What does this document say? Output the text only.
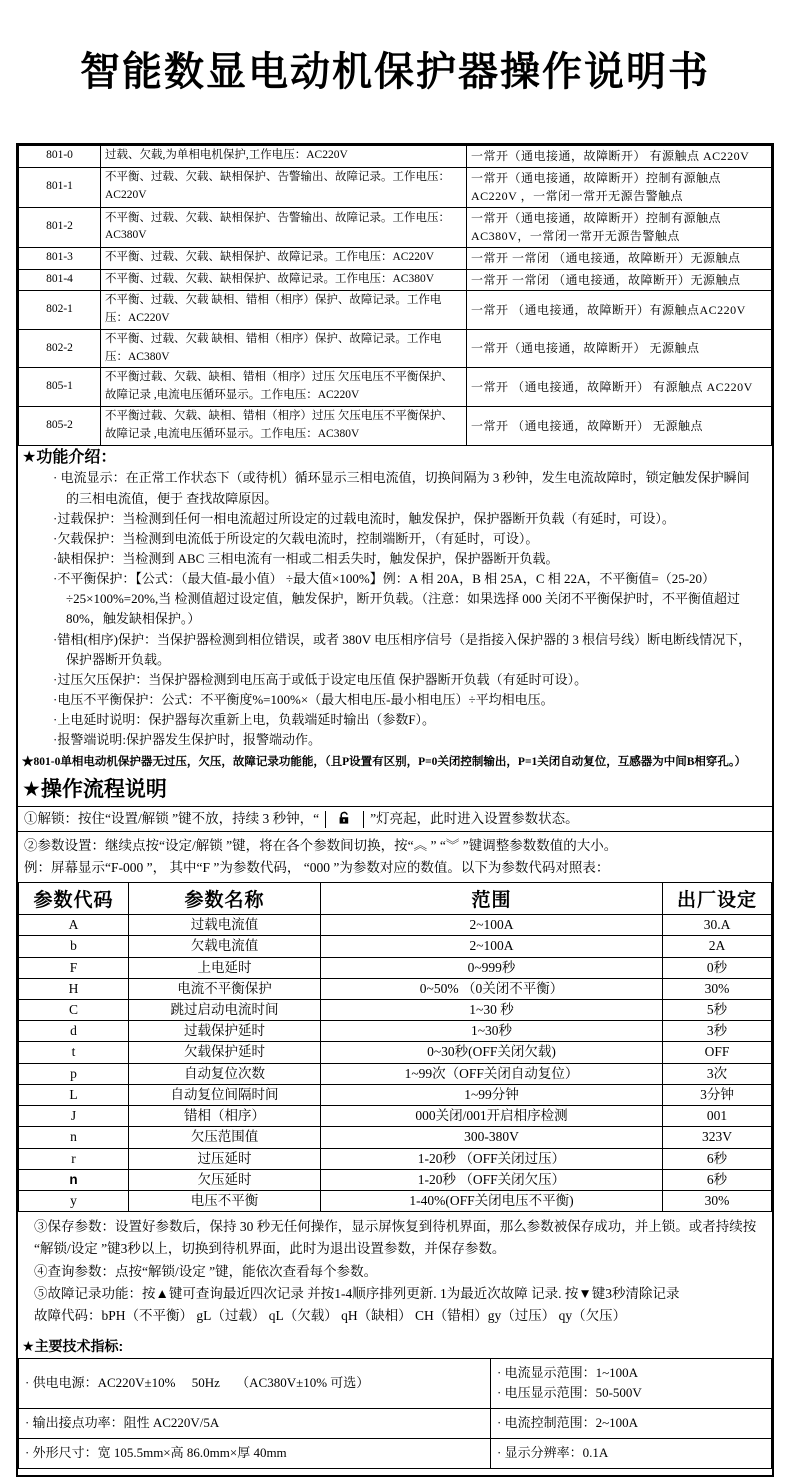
智能数显电动机保护器操作说明书
801-0	过载、欠载,为单相电机保护,工作电压：AC220V	一常开（通电接通，故障断开） 有源触点 AC220V
801-1	不平衡、过载、欠载、缺相保护、告警输出、故障记录。工作电压：AC220V	一常开（通电接通，故障断开）控制有源触点 AC220V ，一常闭一常开无源告警触点
801-2	不平衡、过载、欠载、缺相保护、告警输出、故障记录。工作电压：AC380V	一常开（通电接通，故障断开）控制有源触点 AC380V，一常闭一常开无源告警触点
801-3	不平衡、过载、欠载、缺相保护、故障记录。工作电压：AC220V	一常开 一常闭 （通电接通，故障断开）无源触点
801-4	不平衡、过载、欠载、缺相保护、故障记录。工作电压：AC380V	一常开 一常闭 （通电接通，故障断开）无源触点
802-1	不平衡、过载、欠载 缺相、错相（相序）保护、故障记录。工作电压：AC220V	一常开 （通电接通，故障断开）有源触点AC220V
802-2	不平衡、过载、欠载 缺相、错相（相序）保护、故障记录。工作电压：AC380V	一常开（通电接通，故障断开） 无源触点
805-1	不平衡过载、欠载、缺相、错相（相序）过压 欠压电压不平衡保护、故障记录 ,电流电压循环显示。工作电压：AC220V	一常开 （通电接通，故障断开） 有源触点 AC220V
805-2	不平衡过载、欠载、缺相、错相（相序）过压 欠压电压不平衡保护、故障记录 ,电流电压循环显示。工作电压：AC380V	一常开 （通电接通，故障断开） 无源触点
★功能介绍：
· 电流显示：在正常工作状态下（或待机）循环显示三相电流值，切换间隔为 3 秒钟，发生电流故障时，锁定触发保护瞬间的三相电流值，便于 查找故障原因。
·过载保护：当检测到任何一相电流超过所设定的过载电流时，触发保护，保护器断开负载（有延时，可设）。
·欠载保护：当检测到电流低于所设定的欠载电流时，控制端断开，（有延时，可设）。
·缺相保护：当检测到 ABC 三相电流有一相或二相丢失时，触发保护，保护器断开负载。
·不平衡保护：【公式：（最大值-最小值） ÷最大值×100%】例：A 相 20A，B 相 25A，C 相 22A，不平衡值=（25-20）÷25×100%=20%,当 检测值超过设定值，触发保护，断开负载。（注意：如果选择 000 关闭不平衡保护时，不平衡值超过80%，触发缺相保护。）
·错相(相序)保护：当保护器检测到相位错误，或者 380V 电压相序信号（是指接入保护器的 3 根信号线）断电断线情况下，保护器断开负载。
·过压欠压保护：当保护器检测到电压高于或低于设定电压值 保护器断开负载（有延时可设）。
·电压不平衡保护：公式：不平衡度%=100%×（最大相电压-最小相电压）÷平均相电压。
·上电延时说明：保护器每次重新上电，负载端延时输出（参数F）。
·报警端说明:保护器发生保护时，报警端动作。
★801-0单相电动机保护器无过压，欠压，故障记录功能能，（且P设置有区别，P=0关闭控制输出，P=1关闭自动复位，互感器为中间B相穿孔。）
★操作流程说明
①解锁：按住“设置/解锁 ”键不放，持续 3 秒钟，“	”灯亮起，此时进入设置参数状态。
②参数设置：继续点按“设定/解锁 ”键，将在各个参数间切换，按“︽ ” “︾ ”键调整参数数值的大小。
例：屏幕显示“F-000 ”， 其中“F ”为参数代码， “000 ”为参数对应的数值。以下为参数代码对照表：
参数代码	参数名称	范围	出厂设定
A	过载电流值	2~100A	30.A
b	欠载电流值	2~100A	2A
F	上电延时	0~999秒	0秒
H	电流不平衡保护	0~50% （0关闭不平衡）	30%
C	跳过启动电流时间	1~30 秒	5秒
d	过载保护延时	1~30秒	3秒
t	欠载保护延时	0~30秒(OFF关闭欠载)	OFF
p	自动复位次数	1~99次（OFF关闭自动复位）	3次
L	自动复位间隔时间	1~99分钟	3分钟
J	错相（相序）	000关闭/001开启相序检测	001
n	欠压范围值	300-380V	323V
r	过压延时	1-20秒 （OFF关闭过压）	6秒
n	欠压延时	1-20秒 （OFF关闭欠压）	6秒
y	电压不平衡	1-40%(OFF关闭电压不平衡)	30%
③保存参数：设置好参数后，保持 30 秒无任何操作，显示屏恢复到待机界面，那么参数被保存成功，并上锁。或者持续按 “解锁/设定 ”键3秒以上，切换到待机界面，此时为退出设置参数，并保存参数。
④查询参数：点按“解锁/设定 ”键，能依次查看每个参数。
⑤故障记录功能：按▲键可查询最近四次记录 并按1-4顺序排列更新. 1为最近次故障 记录. 按▼键3秒清除记录
故障代码：bPH（不平衡） gL（过载） qL（欠载） qH（缺相） CH（错相）gy（过压） qy（欠压）
★主要技术指标:
· 供电电源：AC220V±10%　 50Hz　 （AC380V±10% 可选）	· 电流显示范围：1~100A
· 电压显示范围：50-500V

· 输出接点功率：阻性 AC220V/5A	· 电流控制范围：2~100A

· 外形尺寸：宽 105.5mm×高 86.0mm×厚 40mm	· 显示分辨率：0.1A
